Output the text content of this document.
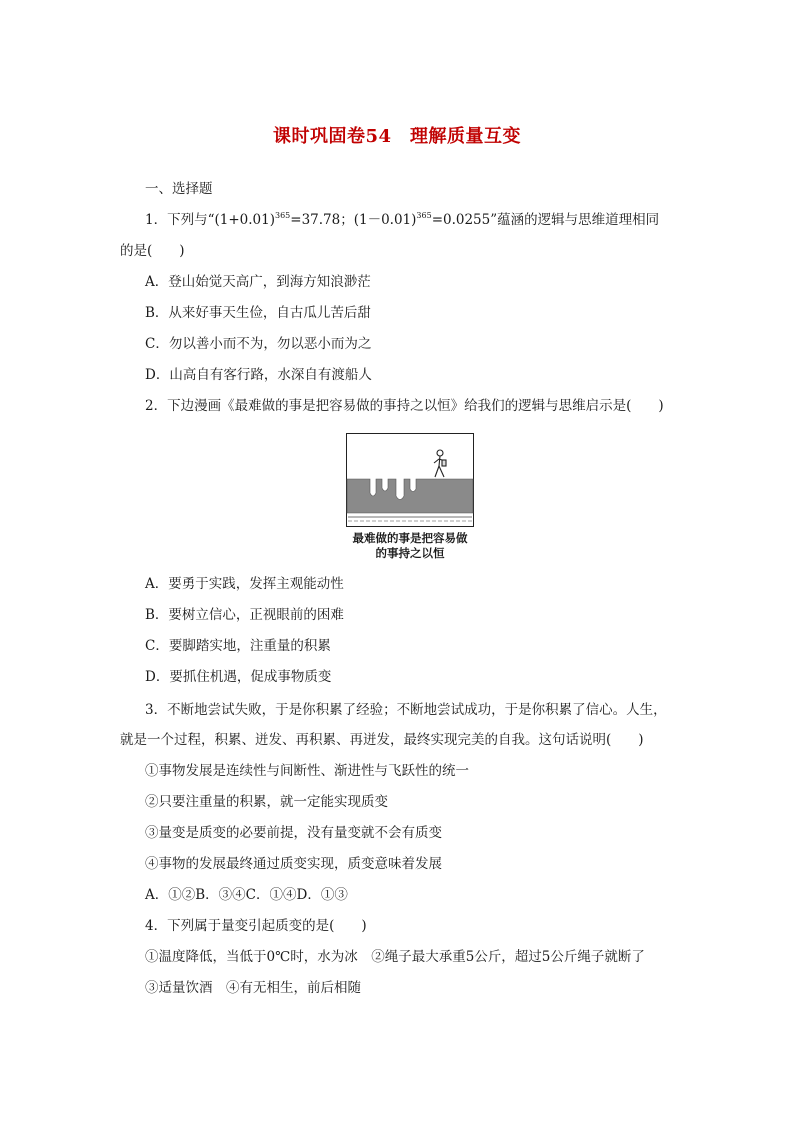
课时巩固卷54　理解质量互变
一、选择题
1．下列与“$(1+0.01)^{365}=37.78$；$(1-0.01)^{365}=0.0255$”蕴涵的逻辑与思维道理相同
的是(　　)
A．登山始觉天高广，到海方知浪渺茫
B．从来好事天生俭，自古瓜儿苦后甜
C．勿以善小而不为，勿以恶小而为之
D．山高自有客行路，水深自有渡船人
2．下边漫画《最难做的事是把容易做的事持之以恒》给我们的逻辑与思维启示是(　　)
最难做的事是把容易做
的事持之以恒
A．要勇于实践，发挥主观能动性
B．要树立信心，正视眼前的困难
C．要脚踏实地，注重量的积累
D．要抓住机遇，促成事物质变
3．不断地尝试失败，于是你积累了经验；不断地尝试成功，于是你积累了信心。人生，
就是一个过程，积累、迸发、再积累、再迸发，最终实现完美的自我。这句话说明(　　)
①事物发展是连续性与间断性、渐进性与飞跃性的统一
②只要注重量的积累，就一定能实现质变
③量变是质变的必要前提，没有量变就不会有质变
④事物的发展最终通过质变实现，质变意味着发展
A．①②B．③④C．①④D．①③
4．下列属于量变引起质变的是(　　)
①温度降低，当低于0℃时，水为冰　②绳子最大承重5公斤，超过5公斤绳子就断了
③适量饮酒　④有无相生，前后相随
